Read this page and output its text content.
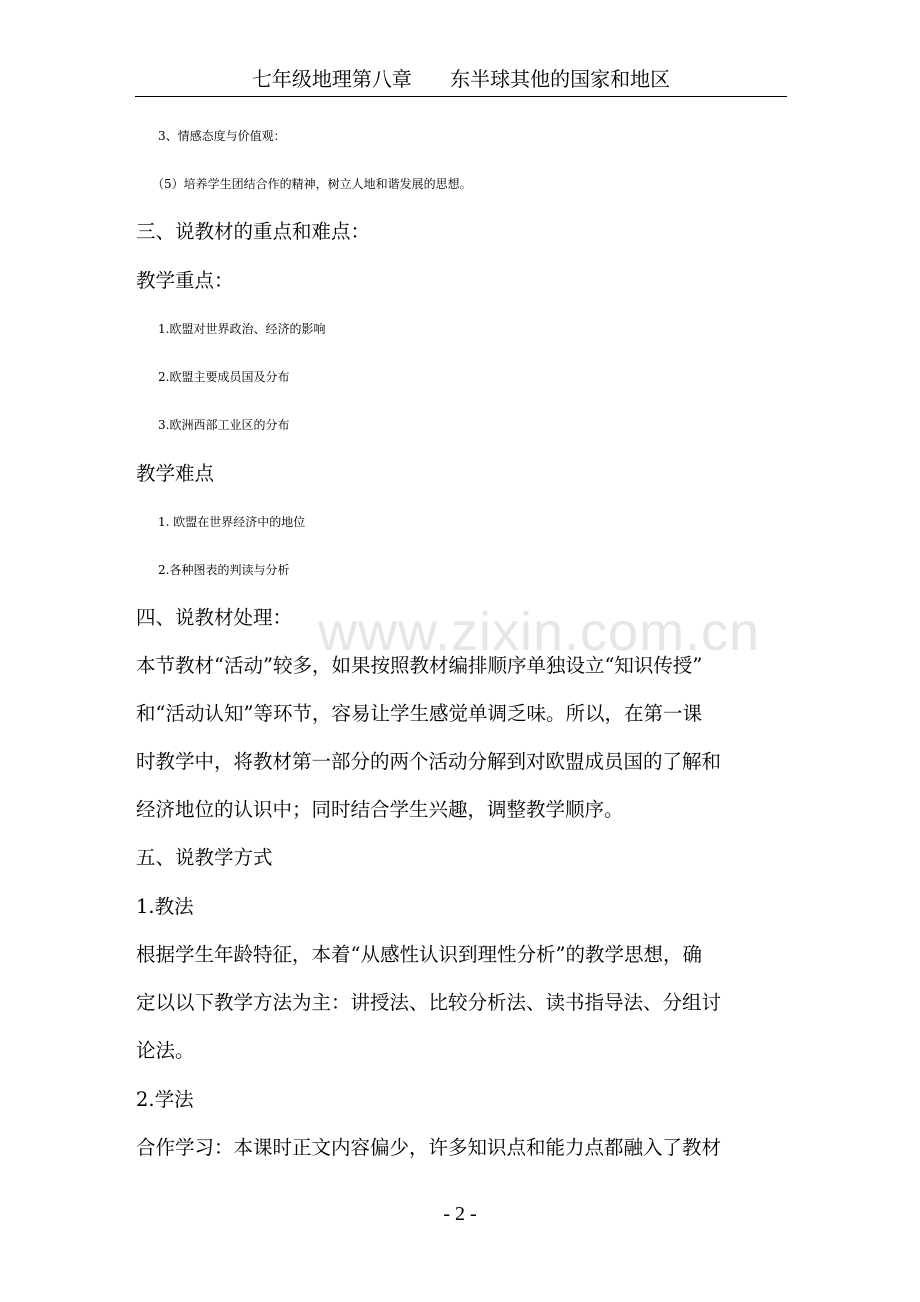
七年级地理第八章 东半球其他的国家和地区
www.zixin.com.cn
3、情感态度与价值观：
（5）培养学生团结合作的精神，树立人地和谐发展的思想。
三、说教材的重点和难点：
教学重点：
1.欧盟对世界政治、经济的影响
2.欧盟主要成员国及分布
3.欧洲西部工业区的分布
教学难点
1. 欧盟在世界经济中的地位
2.各种图表的判读与分析
四、说教材处理：
本节教材“活动”较多，如果按照教材编排顺序单独设立“知识传授”
和“活动认知”等环节，容易让学生感觉单调乏味。所以，在第一课
时教学中，将教材第一部分的两个活动分解到对欧盟成员国的了解和
经济地位的认识中；同时结合学生兴趣，调整教学顺序。
五、说教学方式
1.教法
根据学生年龄特征，本着“从感性认识到理性分析”的教学思想，确
定以以下教学方法为主：讲授法、比较分析法、读书指导法、分组讨
论法。
2.学法
合作学习：本课时正文内容偏少，许多知识点和能力点都融入了教材
- 2 -
